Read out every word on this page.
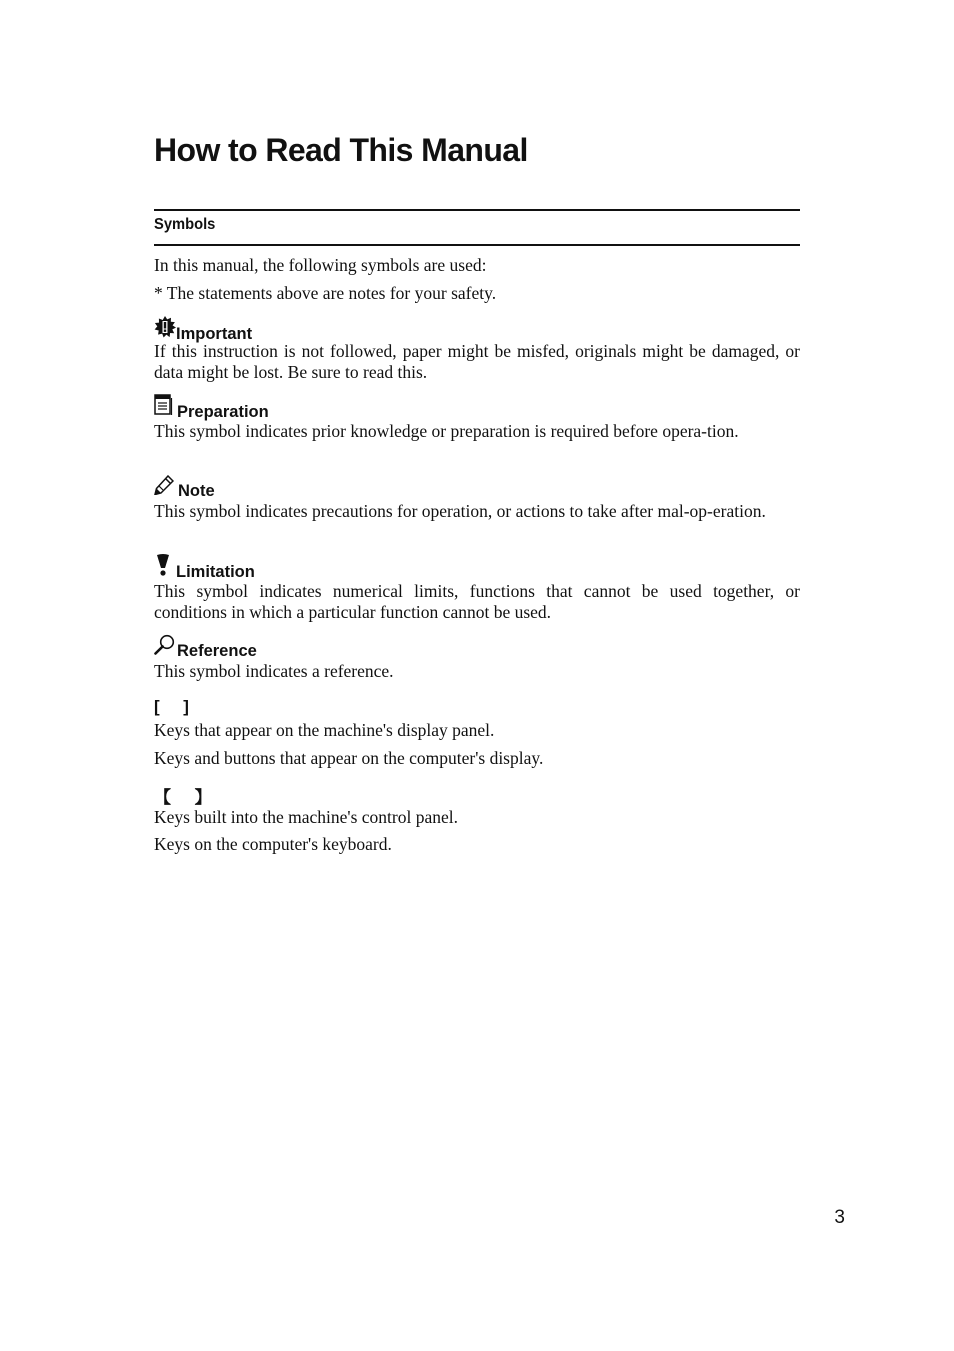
How to Read This Manual
Symbols

In this manual, the following symbols are used:

* The statements above are notes for your safety.

Important

If this instruction is not followed, paper might be misfed, originals might be damaged, or data might be lost. Be sure to read this.

Preparation

This symbol indicates prior knowledge or preparation is required before opera-tion.

Note

This symbol indicates precautions for operation, or actions to take after mal-op-eration.

Limitation

This symbol indicates numerical limits, functions that cannot be used together, or conditions in which a particular function cannot be used.

Reference

This symbol indicates a reference.

[     ]

Keys that appear on the machine's display panel.

Keys and buttons that appear on the computer's display.

【     】

Keys built into the machine's control panel.

Keys on the computer's keyboard.

3
